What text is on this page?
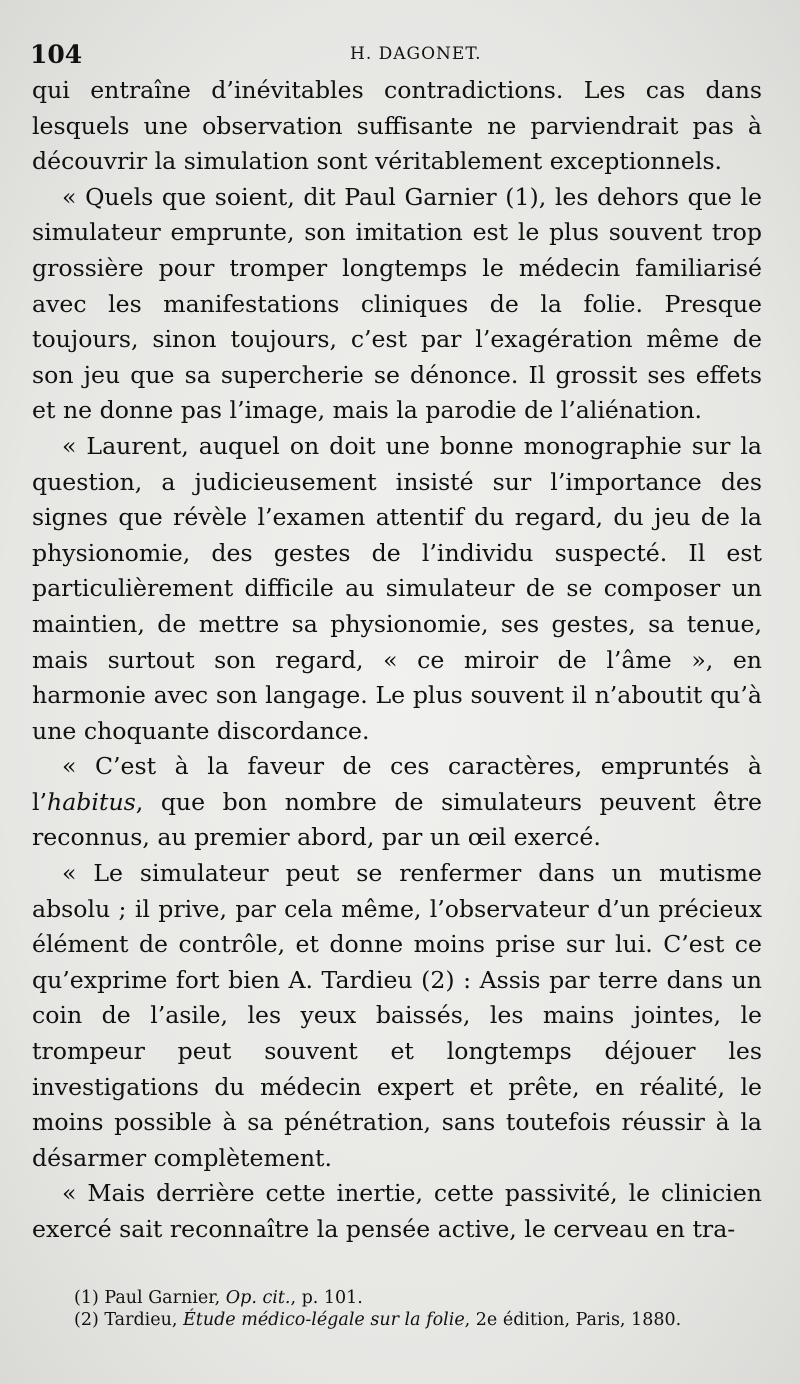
104	H. DAGONET.

qui entraîne d’inévitables contradictions. Les cas dans lesquels une observation suffisante ne parviendrait pas à découvrir la simulation sont véritablement exceptionnels.

« Quels que soient, dit Paul Garnier (1), les dehors que le simulateur emprunte, son imitation est le plus souvent trop grossière pour tromper longtemps le médecin familiarisé avec les manifestations cliniques de la folie. Presque toujours, sinon toujours, c’est par l’exagération même de son jeu que sa supercherie se dénonce. Il grossit ses effets et ne donne pas l’image, mais la parodie de l’aliénation.

« Laurent, auquel on doit une bonne monographie sur la question, a judicieusement insisté sur l’importance des signes que révèle l’examen attentif du regard, du jeu de la physionomie, des gestes de l’individu suspecté. Il est particulièrement difficile au simulateur de se composer un maintien, de mettre sa physionomie, ses gestes, sa tenue, mais surtout son regard, « ce miroir de l’âme », en harmonie avec son langage. Le plus souvent il n’aboutit qu’à une choquante discordance.

« C’est à la faveur de ces caractères, empruntés à l’habitus, que bon nombre de simulateurs peuvent être reconnus, au premier abord, par un œil exercé.

« Le simulateur peut se renfermer dans un mutisme absolu ; il prive, par cela même, l’observateur d’un précieux élément de contrôle, et donne moins prise sur lui. C’est ce qu’exprime fort bien A. Tardieu (2) : Assis par terre dans un coin de l’asile, les yeux baissés, les mains jointes, le trompeur peut souvent et longtemps déjouer les investigations du médecin expert et prête, en réalité, le moins possible à sa pénétration, sans toutefois réussir à la désarmer complètement.

« Mais derrière cette inertie, cette passivité, le clinicien exercé sait reconnaître la pensée active, le cerveau en tra-

(1) Paul Garnier, Op. cit., p. 101.

(2) Tardieu, Étude médico-légale sur la folie, 2e édition, Paris, 1880.
